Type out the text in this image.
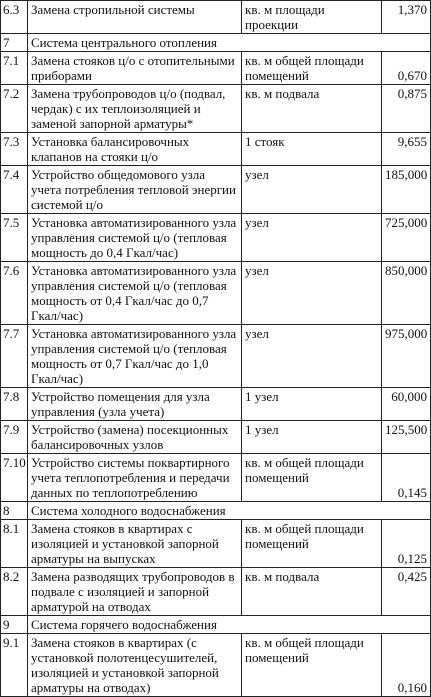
6.3	Замена стропильной системы	кв. м площади проекции	1,370
7	Система центрального отопления		
7.1	Замена стояков ц/о с отопительными приборами	кв. м общей площади помещений	0,670
7.2	Замена трубопроводов ц/о (подвал, чердак) с их теплоизоляцией и заменой запорной арматуры*	кв. м подвала	0,875
7.3	Установка балансировочных клапанов на стояки ц/о	1 стояк	9,655
7.4	Устройство общедомового узла учета потребления тепловой энергии системой ц/о	узел	185,000
7.5	Установка автоматизированного узла управления системой ц/о (тепловая мощность до 0,4 Гкал/час)	узел	725,000
7.6	Установка автоматизированного узла управления системой ц/о (тепловая мощность от 0,4 Гкал/час до 0,7 Гкал/час)	узел	850,000
7.7	Установка автоматизированного узла управления системой ц/о (тепловая мощность от 0,7 Гкал/час до 1,0 Гкал/час)	узел	975,000
7.8	Устройство помещения для узла управления (узла учета)	1 узел	60,000
7.9	Устройство (замена) посекционных балансировочных узлов	1 узел	125,500
7.10	Устройство системы поквартирного учета теплопотребления и передачи данных по теплопотреблению	кв. м общей площади помещений	0,145
8	Система холодного водоснабжения		
8.1	Замена стояков в квартирах с изоляцией и установкой запорной арматуры на выпусках	кв. м общей площади помещений	0,125
8.2	Замена разводящих трубопроводов в подвале с изоляцией и запорной арматурой на отводах	кв. м подвала	0,425
9	Система горячего водоснабжения		
9.1	Замена стояков в квартирах (с установкой полотенцесушителей, изоляцией и установкой запорной арматуры на отводах)	кв. м общей площади помещений	0,160
